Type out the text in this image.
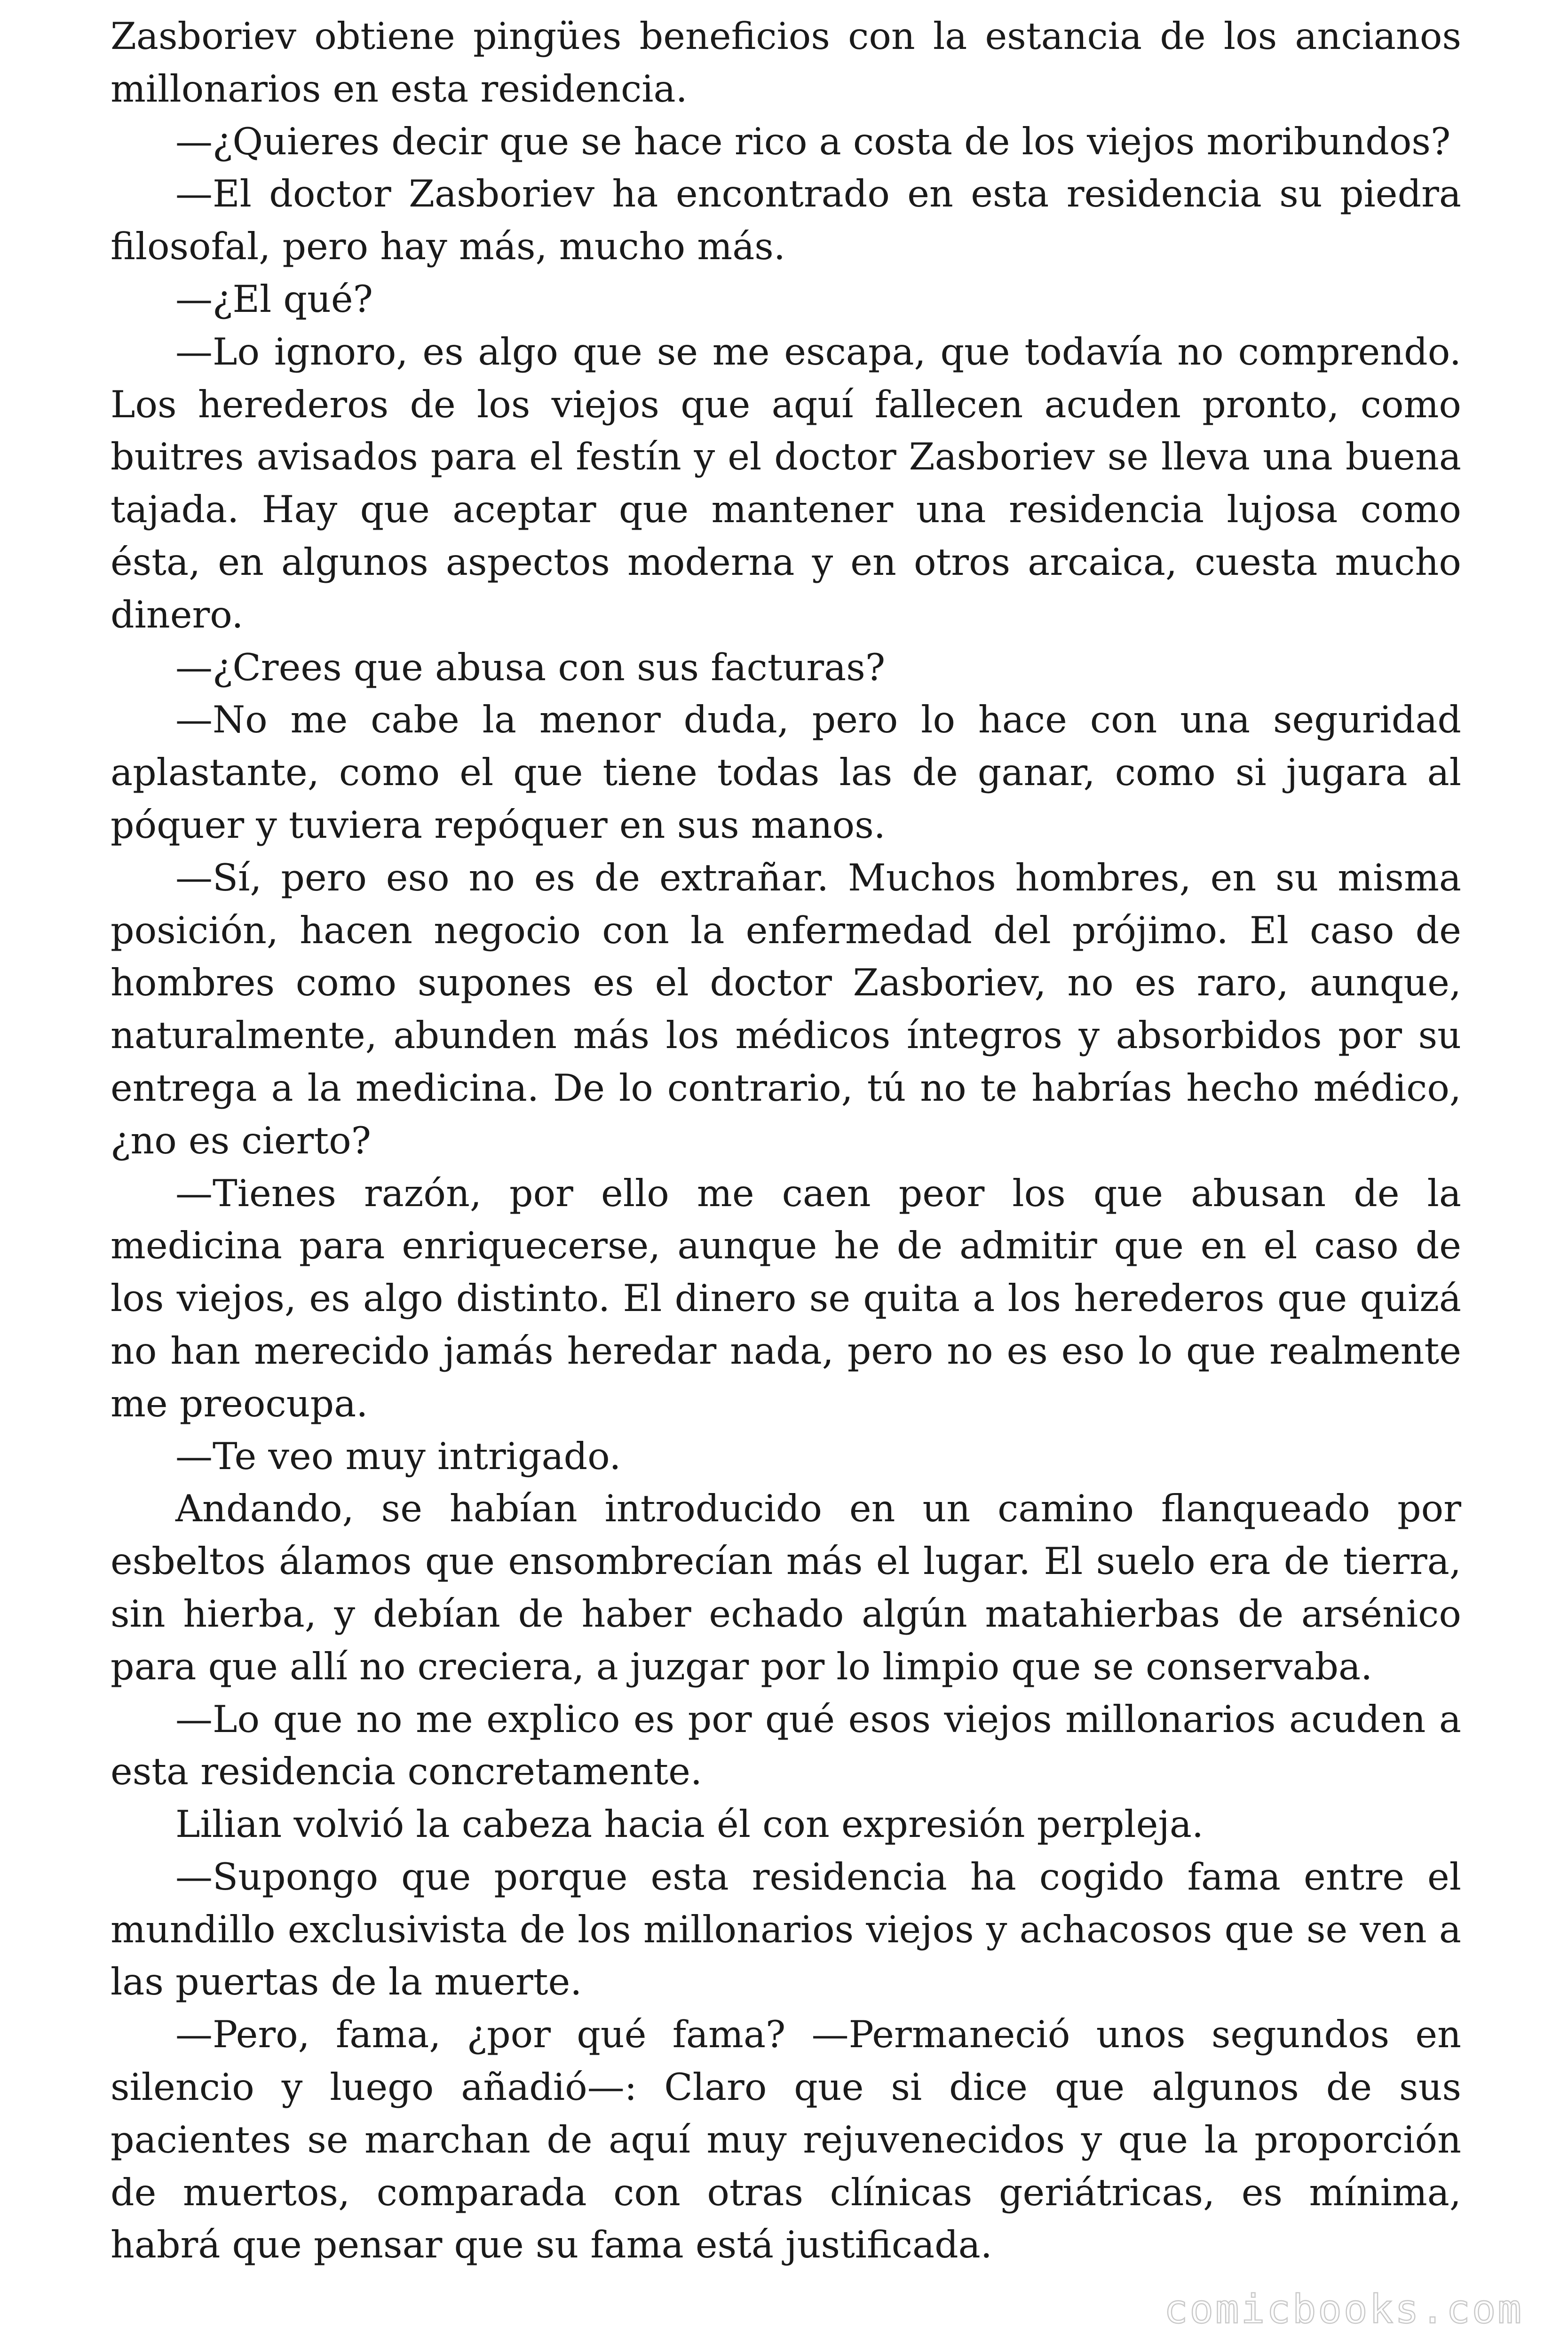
Zasboriev obtiene pingües beneficios con la estancia de los ancianos millonarios en esta residencia.

—¿Quieres decir que se hace rico a costa de los viejos moribundos?

—El doctor Zasboriev ha encontrado en esta residencia su piedra filosofal, pero hay más, mucho más.

—¿El qué?

—Lo ignoro, es algo que se me escapa, que todavía no comprendo. Los herederos de los viejos que aquí fallecen acuden pronto, como buitres avisados para el festín y el doctor Zasboriev se lleva una buena tajada. Hay que aceptar que mantener una residencia lujosa como ésta, en algunos aspectos moderna y en otros arcaica, cuesta mucho dinero.

—¿Crees que abusa con sus facturas?

—No me cabe la menor duda, pero lo hace con una seguridad aplastante, como el que tiene todas las de ganar, como si jugara al póquer y tuviera repóquer en sus manos.

—Sí, pero eso no es de extrañar. Muchos hombres, en su misma posición, hacen negocio con la enfermedad del prójimo. El caso de hombres como supones es el doctor Zasboriev, no es raro, aunque, naturalmente, abunden más los médicos íntegros y absorbidos por su entrega a la medicina. De lo contrario, tú no te habrías hecho médico, ¿no es cierto?

—Tienes razón, por ello me caen peor los que abusan de la medicina para enriquecerse, aunque he de admitir que en el caso de los viejos, es algo distinto. El dinero se quita a los herederos que quizá no han merecido jamás heredar nada, pero no es eso lo que realmente me preocupa.

—Te veo muy intrigado.

Andando, se habían introducido en un camino flanqueado por esbeltos álamos que ensombrecían más el lugar. El suelo era de tierra, sin hierba, y debían de haber echado algún matahierbas de arsénico para que allí no creciera, a juzgar por lo limpio que se conservaba.

—Lo que no me explico es por qué esos viejos millonarios acuden a esta residencia concretamente.

Lilian volvió la cabeza hacia él con expresión perpleja.

—Supongo que porque esta residencia ha cogido fama entre el mundillo exclusivista de los millonarios viejos y achacosos que se ven a las puertas de la muerte.

—Pero, fama, ¿por qué fama? —Permaneció unos segundos en silencio y luego añadió—: Claro que si dice que algunos de sus pacientes se marchan de aquí muy rejuvenecidos y que la proporción de muertos, comparada con otras clínicas geriátricas, es mínima, habrá que pensar que su fama está justificada.

comicbooks.com
